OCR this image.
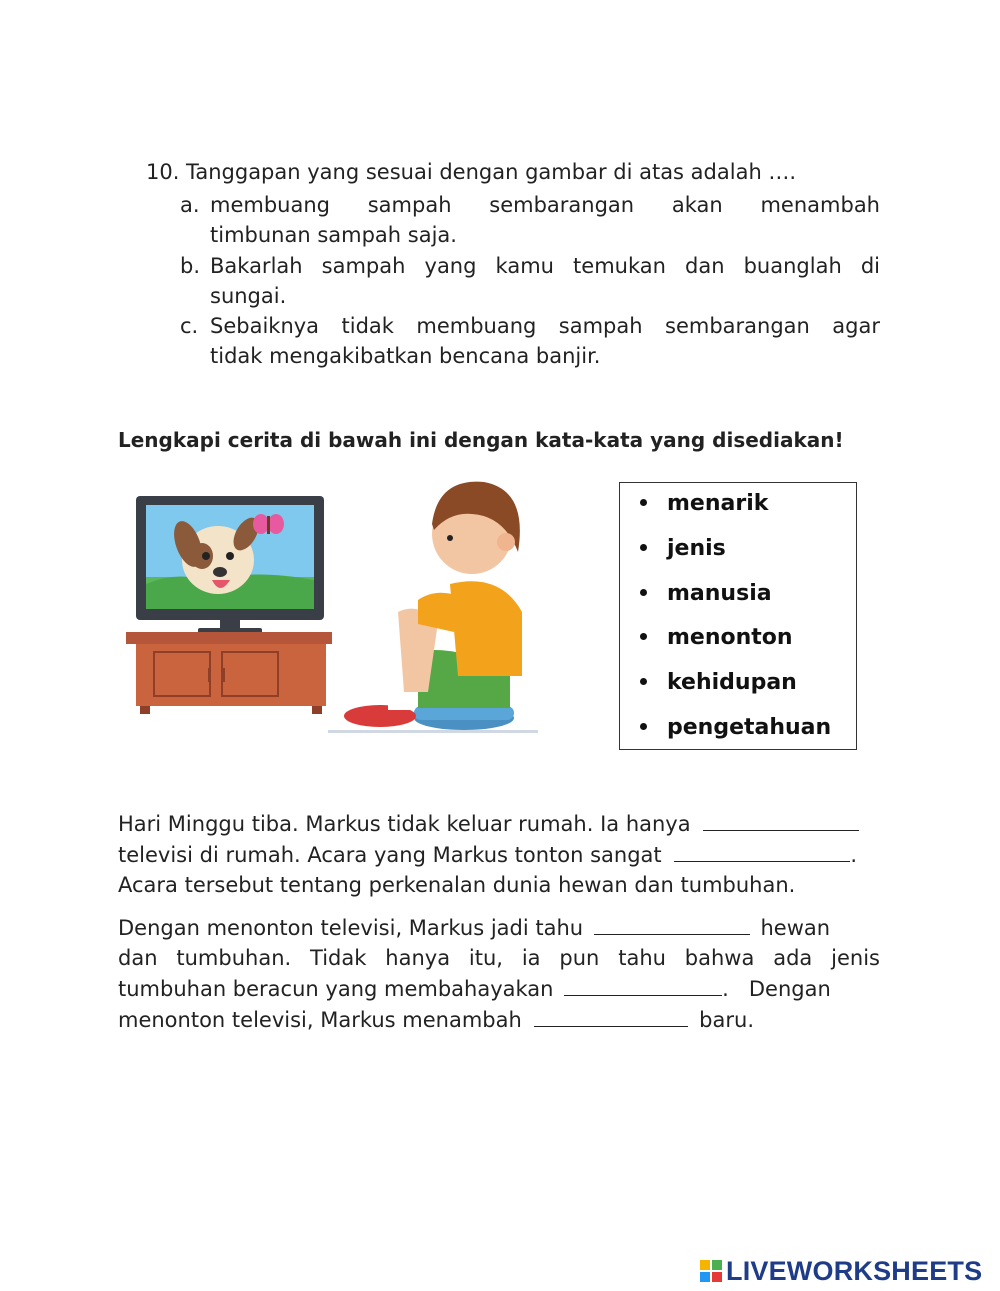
10. Tanggapan yang sesuai dengan gambar di atas adalah ….
a. membuang sampah sembarangan akan menambah
timbunan sampah saja.
b. Bakarlah sampah yang kamu temukan dan buanglah di
sungai.
c. Sebaiknya tidak membuang sampah sembarangan agar
tidak mengakibatkan bencana banjir.
Lengkapi cerita di bawah ini dengan kata-kata yang disediakan!
menarik
jenis
manusia
menonton
kehidupan
pengetahuan
Hari Minggu tiba. Markus tidak keluar rumah. Ia hanya
televisi di rumah. Acara yang Markus tonton sangat	.
Acara tersebut tentang perkenalan dunia hewan dan tumbuhan.
Dengan menonton televisi, Markus jadi tahu	hewan
dan tumbuhan. Tidak hanya itu, ia pun tahu bahwa ada jenis
tumbuhan beracun yang membahayakan	.   Dengan
menonton televisi, Markus menambah	baru.
LIVEWORKSHEETS
